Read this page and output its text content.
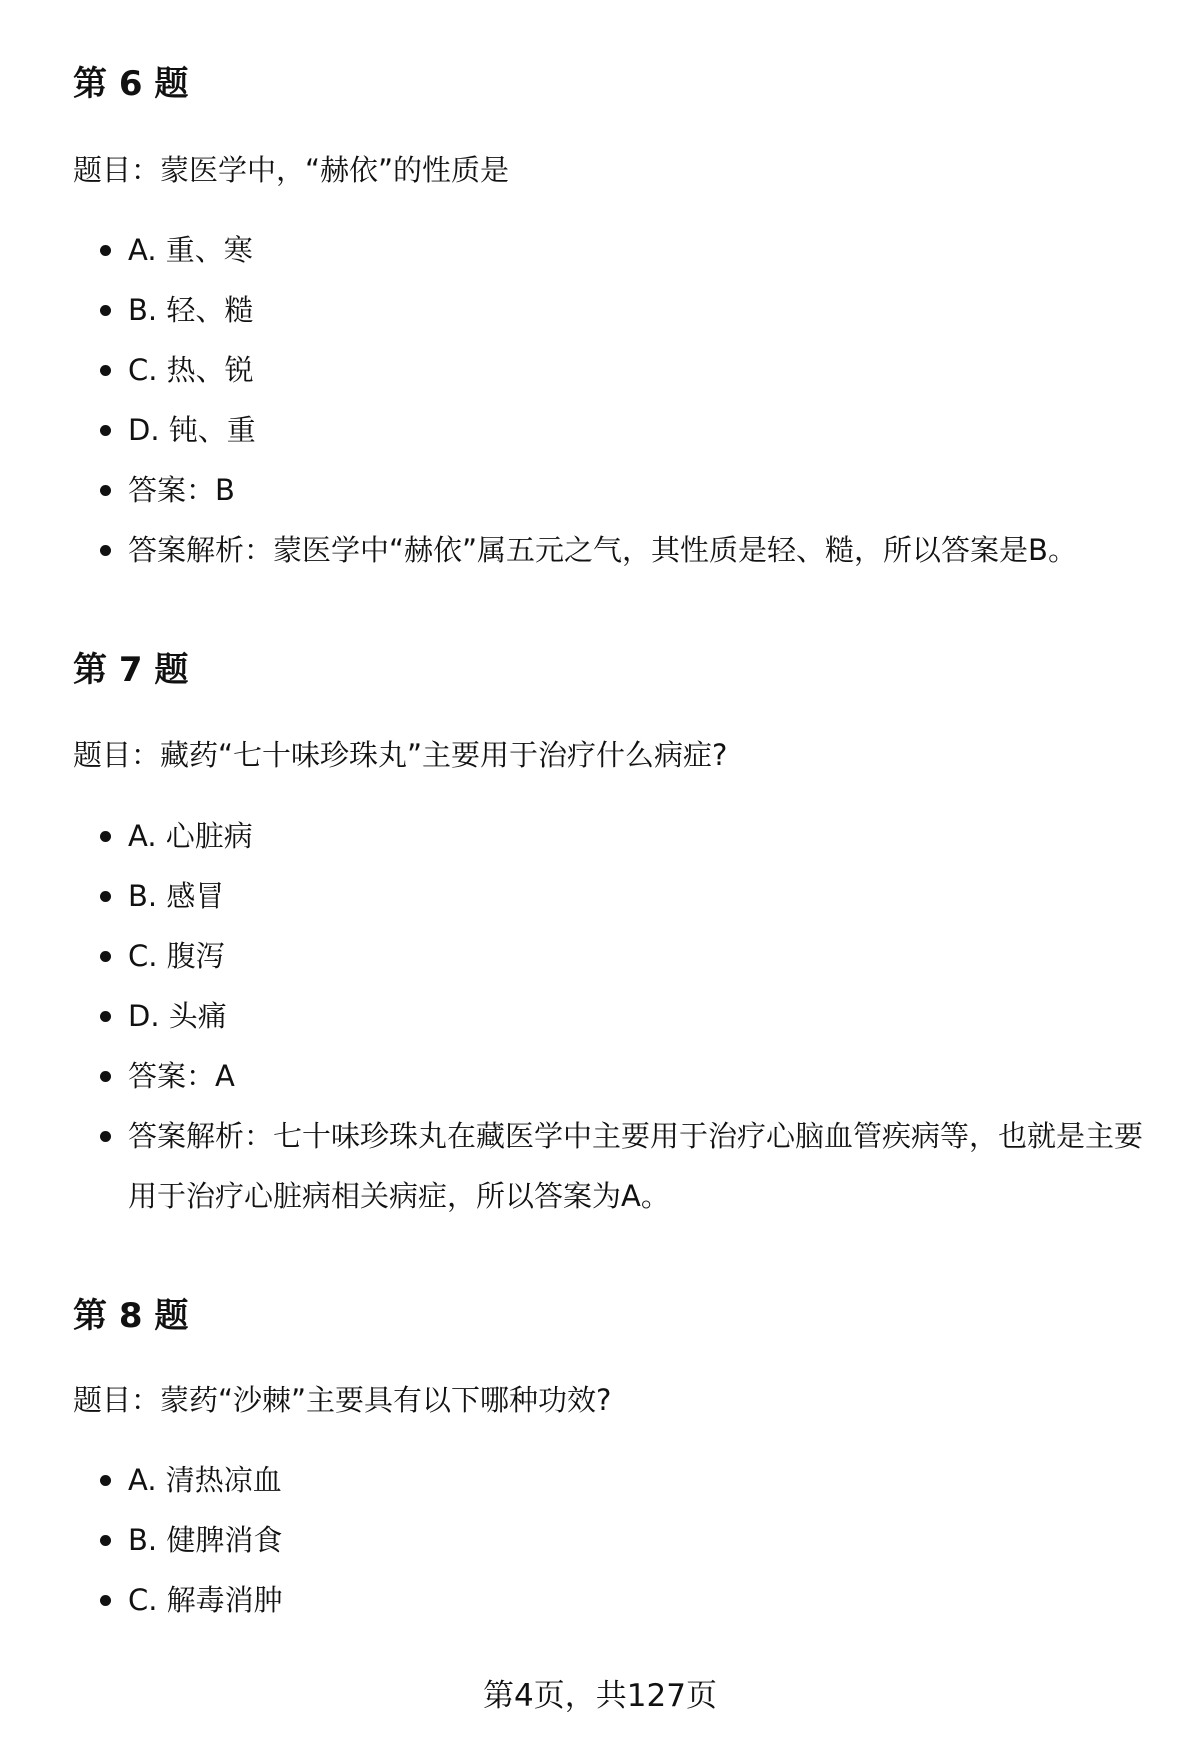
第 6 题

题目：蒙医学中，“赫依”的性质是

A. 重、寒
B. 轻、糙
C. 热、锐
D. 钝、重
答案：B
答案解析：蒙医学中“赫依”属五元之气，其性质是轻、糙，所以答案是B。
第 7 题

题目：藏药“七十味珍珠丸”主要用于治疗什么病症?

A. 心脏病
B. 感冒
C. 腹泻
D. 头痛
答案：A
答案解析：七十味珍珠丸在藏医学中主要用于治疗心脑血管疾病等，也就是主要用于治疗心脏病相关病症，所以答案为A。
第 8 题

题目：蒙药“沙棘”主要具有以下哪种功效?

A. 清热凉血
B. 健脾消食
C. 解毒消肿
第4页，共127页
